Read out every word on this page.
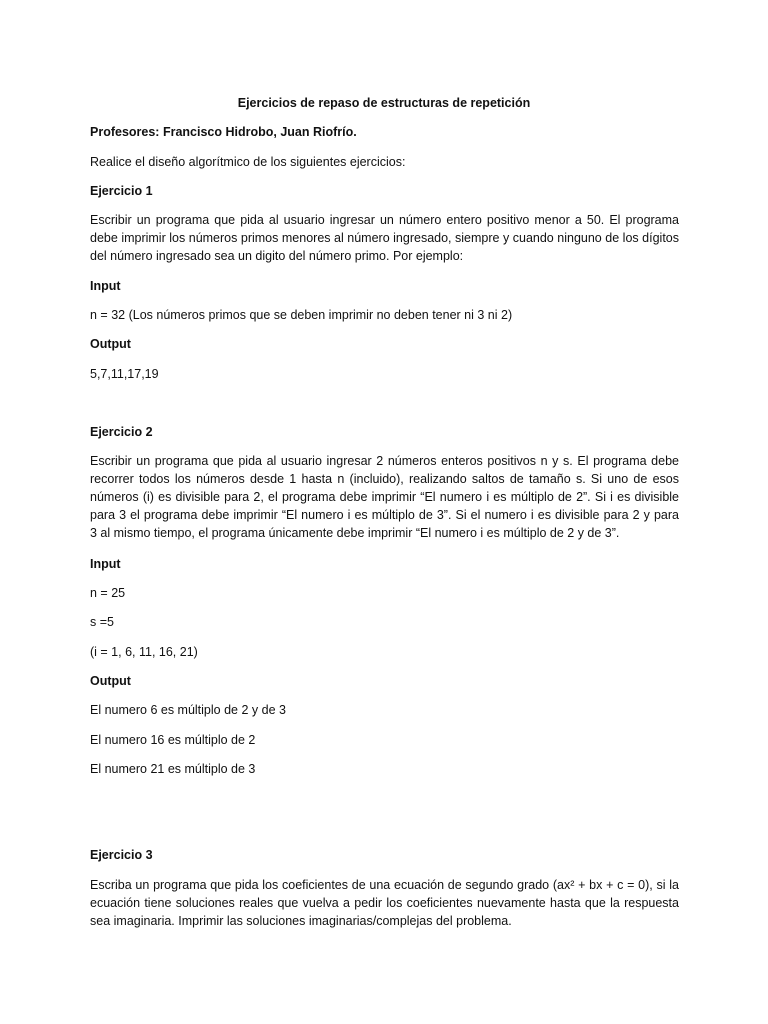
Ejercicios de repaso de estructuras de repetición

Profesores: Francisco Hidrobo, Juan Riofrío.

Realice el diseño algorítmico de los siguientes ejercicios:

Ejercicio 1

Escribir un programa que pida al usuario ingresar un número entero positivo menor a 50. El programa
debe imprimir los números primos menores al número ingresado, siempre y cuando ninguno de los dígitos
del número ingresado sea un digito del número primo. Por ejemplo:

Input

n = 32 (Los números primos que se deben imprimir no deben tener ni 3 ni 2)

Output

5,7,11,17,19

Ejercicio 2

Escribir un programa que pida al usuario ingresar 2 números enteros positivos n y s. El programa debe
recorrer todos los números desde 1 hasta n (incluido), realizando saltos de tamaño s. Si uno de esos
números (i) es divisible para 2, el programa debe imprimir “El numero i es múltiplo de 2”. Si i es divisible
para 3 el programa debe imprimir “El numero i es múltiplo de 3”. Si el numero i es divisible para 2 y para
3 al mismo tiempo, el programa únicamente debe imprimir “El numero i es múltiplo de 2 y de 3”.

Input

n = 25

s =5

(i = 1, 6, 11, 16, 21)

Output

El numero 6 es múltiplo de 2 y de 3

El numero 16 es múltiplo de 2

El numero 21 es múltiplo de 3

Ejercicio 3

Escriba un programa que pida los coeficientes de una ecuación de segundo grado (ax² + bx + c = 0), si la
ecuación tiene soluciones reales que vuelva a pedir los coeficientes nuevamente hasta que la respuesta
sea imaginaria. Imprimir las soluciones imaginarias/complejas del problema.
